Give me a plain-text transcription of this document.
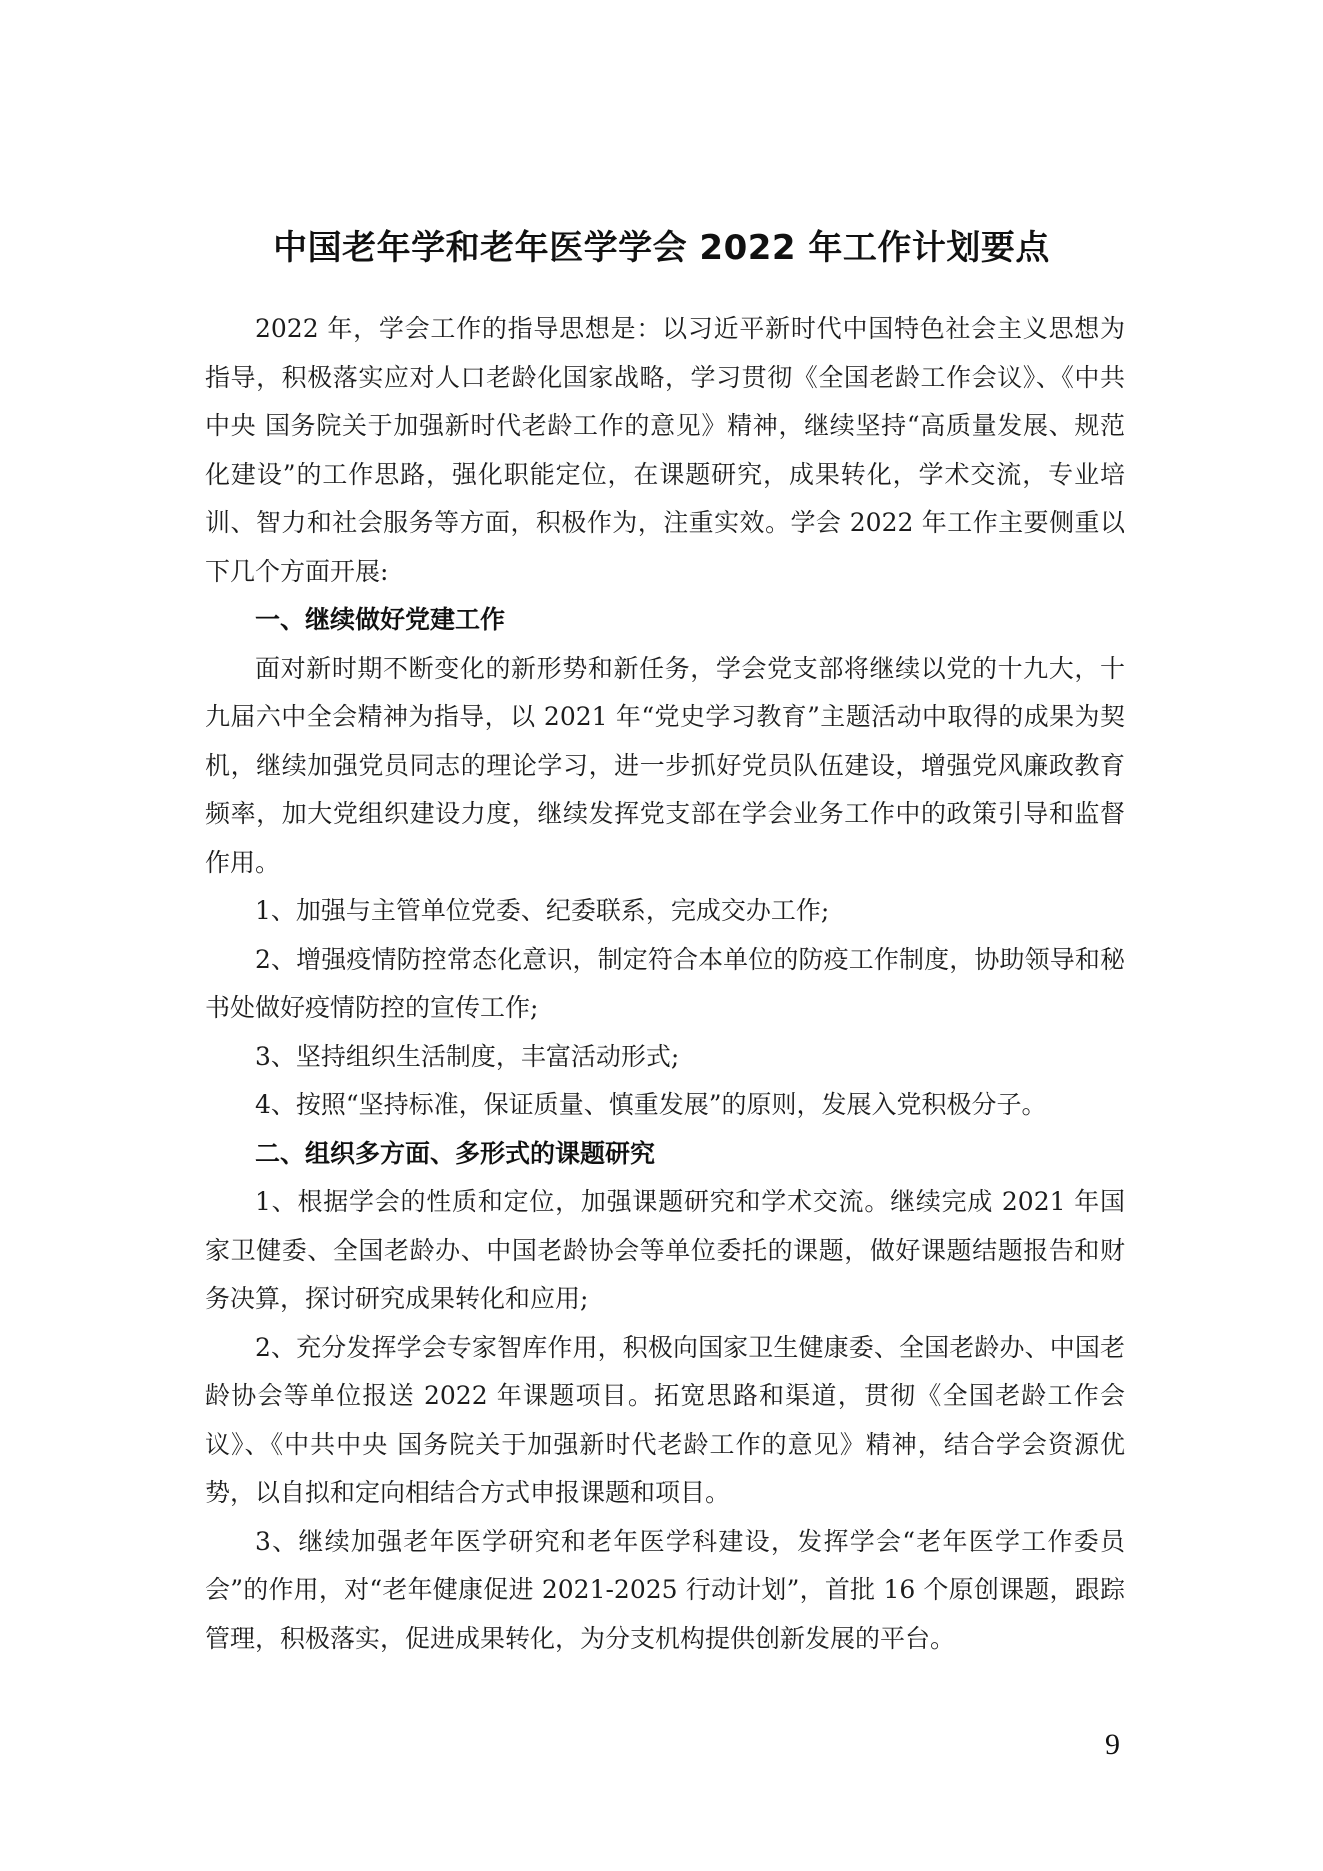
中国老年学和老年医学学会 2022 年工作计划要点

2022 年，学会工作的指导思想是：以习近平新时代中国特色社会主义思想为指导，积极落实应对人口老龄化国家战略，学习贯彻《全国老龄工作会议》、《中共中央 国务院关于加强新时代老龄工作的意见》精神，继续坚持“高质量发展、规范化建设”的工作思路，强化职能定位，在课题研究，成果转化，学术交流，专业培训、智力和社会服务等方面，积极作为，注重实效。学会 2022 年工作主要侧重以下几个方面开展:

一、继续做好党建工作

面对新时期不断变化的新形势和新任务，学会党支部将继续以党的十九大，十九届六中全会精神为指导，以 2021 年“党史学习教育”主题活动中取得的成果为契机，继续加强党员同志的理论学习，进一步抓好党员队伍建设，增强党风廉政教育频率，加大党组织建设力度，继续发挥党支部在学会业务工作中的政策引导和监督作用。

1、加强与主管单位党委、纪委联系，完成交办工作;

2、增强疫情防控常态化意识，制定符合本单位的防疫工作制度，协助领导和秘书处做好疫情防控的宣传工作;

3、坚持组织生活制度，丰富活动形式;

4、按照“坚持标准，保证质量、慎重发展”的原则，发展入党积极分子。

二、组织多方面、多形式的课题研究

1、根据学会的性质和定位，加强课题研究和学术交流。继续完成 2021 年国家卫健委、全国老龄办、中国老龄协会等单位委托的课题，做好课题结题报告和财务决算，探讨研究成果转化和应用;

2、充分发挥学会专家智库作用，积极向国家卫生健康委、全国老龄办、中国老龄协会等单位报送 2022 年课题项目。拓宽思路和渠道，贯彻《全国老龄工作会议》、《中共中央 国务院关于加强新时代老龄工作的意见》精神，结合学会资源优势，以自拟和定向相结合方式申报课题和项目。

3、继续加强老年医学研究和老年医学科建设，发挥学会“老年医学工作委员会”的作用，对“老年健康促进 2021-2025 行动计划”，首批 16 个原创课题，跟踪管理，积极落实，促进成果转化，为分支机构提供创新发展的平台。

9
